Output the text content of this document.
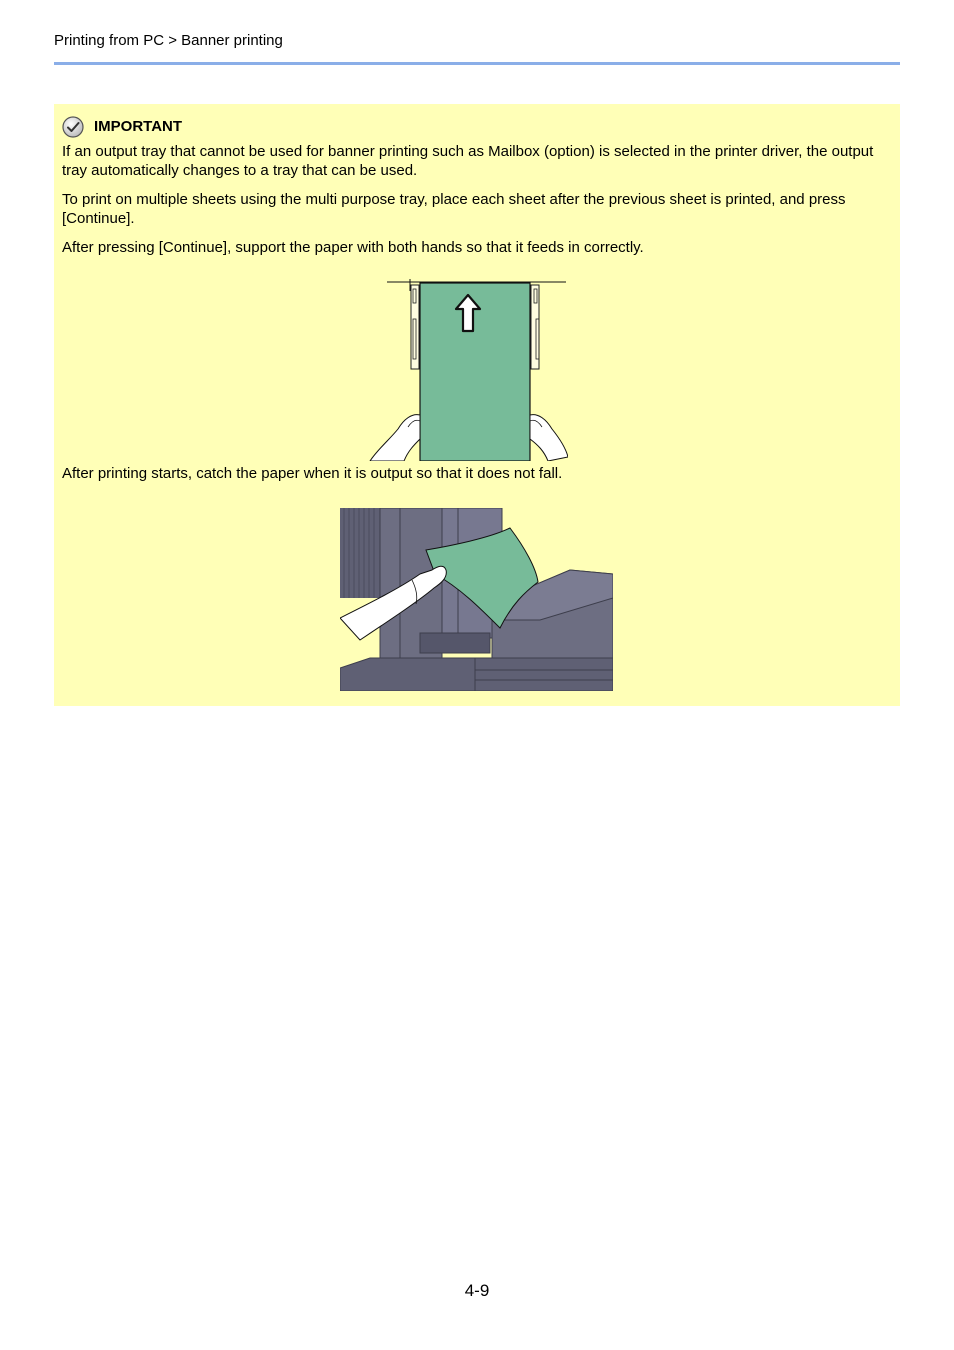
Printing from PC > Banner printing
IMPORTANT
If an output tray that cannot be used for banner printing such as Mailbox (option) is selected in the printer driver, the output tray automatically changes to a tray that can be used.
To print on multiple sheets using the multi purpose tray, place each sheet after the previous sheet is printed, and press [Continue].
After pressing [Continue], support the paper with both hands so that it feeds in correctly.
After printing starts, catch the paper when it is output so that it does not fall.
4-9
